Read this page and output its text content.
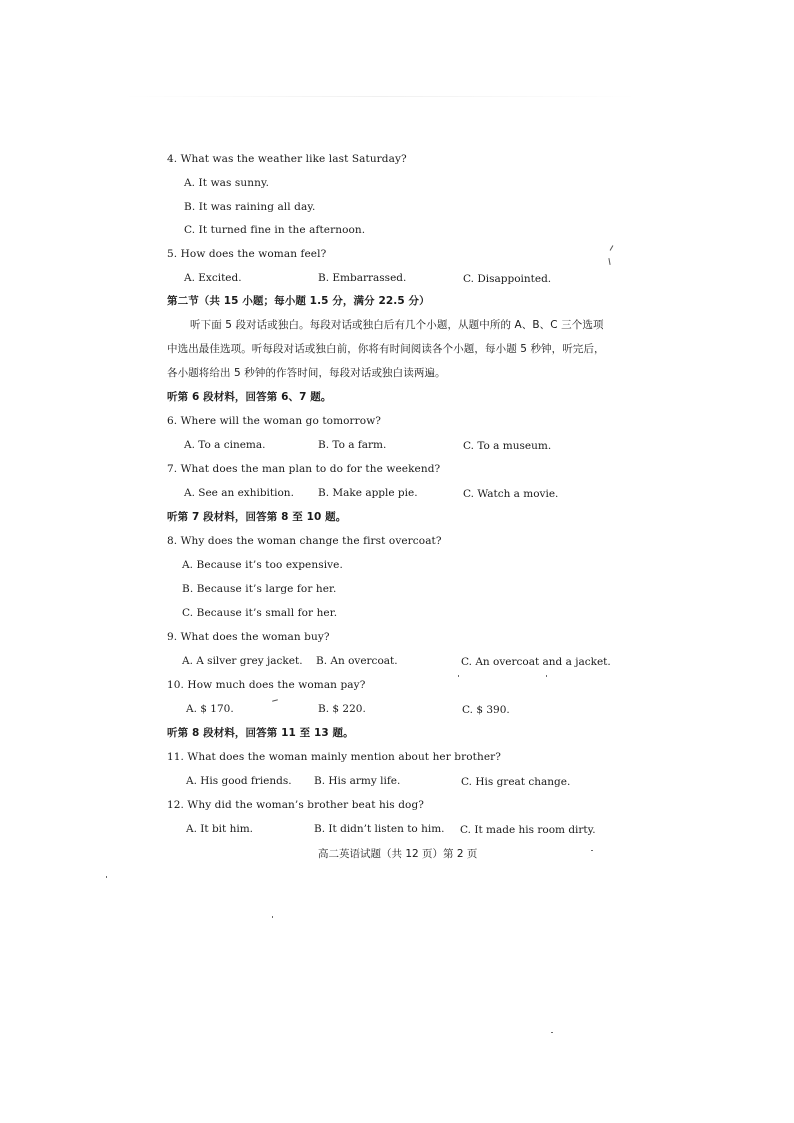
4. What was the weather like last Saturday?
A. It was sunny.
B. It was raining all day.
C. It turned fine in the afternoon.
5. How does the woman feel?
A. Excited.	B. Embarrassed.	C. Disappointed.
第二节（共 15 小题；每小题 1.5 分，满分 22.5 分）
听下面 5 段对话或独白。每段对话或独白后有几个小题，从题中所的 A、B、C 三个选项
中选出最佳选项。听每段对话或独白前，你将有时间阅读各个小题，每小题 5 秒钟，听完后，
各小题将给出 5 秒钟的作答时间，每段对话或独白读两遍。
听第 6 段材料，回答第 6、7 题。
6. Where will the woman go tomorrow?
A. To a cinema.	B. To a farm.	C. To a museum.
7. What does the man plan to do for the weekend?
A. See an exhibition. B. Make apple pie.	C. Watch a movie.
听第 7 段材料，回答第 8 至 10 题。
8. Why does the woman change the first overcoat?
A. Because it’s too expensive.
B. Because it’s large for her.
C. Because it’s small for her.
9. What does the woman buy?
A. A silver grey jacket. B. An overcoat.	C. An overcoat and a jacket.
10. How much does the woman pay?
A. $ 170.	B. $ 220.	C. $ 390.
听第 8 段材料，回答第 11 至 13 题。
11. What does the woman mainly mention about her brother?
A. His good friends. B. His army life.	C. His great change.
12. Why did the woman’s brother beat his dog?
A. It bit him.	B. It didn’t listen to him. C. It made his room dirty.
高二英语试题（共 12 页）第 2 页
